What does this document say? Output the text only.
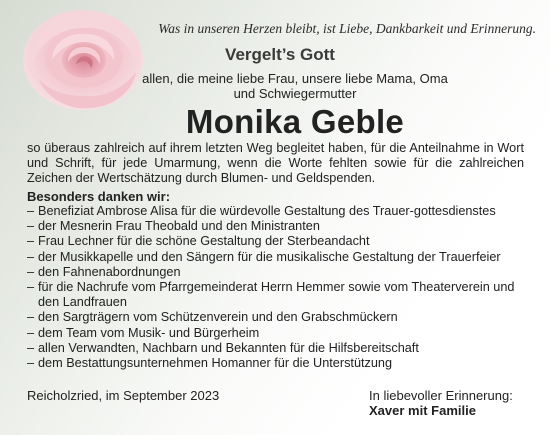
Was in unseren Herzen bleibt, ist Liebe, Dankbarkeit und Erinnerung.
Vergelt’s Gott
allen, die meine liebe Frau, unsere liebe Mama, Oma
und Schwiegermutter
Monika Geble
so überaus zahlreich auf ihrem letzten Weg begleitet haben, für die Anteilnahme in Wort und Schrift, für jede Umarmung, wenn die Worte fehlten sowie für die zahlreichen Zeichen der Wertschätzung durch Blumen- und Geldspenden.
Besonders danken wir:
– Benefiziat Ambrose Alisa für die würdevolle Gestaltung des Trauer-gottesdienstes
– der Mesnerin Frau Theobald und den Ministranten
– Frau Lechner für die schöne Gestaltung der Sterbeandacht
– der Musikkapelle und den Sängern für die musikalische Gestaltung der Trauerfeier
– den Fahnenabordnungen
– für die Nachrufe vom Pfarrgemeinderat Herrn Hemmer sowie vom Theaterverein und den Landfrauen
– den Sargträgern vom Schützenverein und den Grabschmückern
– dem Team vom Musik- und Bürgerheim
– allen Verwandten, Nachbarn und Bekannten für die Hilfsbereitschaft
– dem Bestattungsunternehmen Homanner für die Unterstützung
Reicholzried, im September 2023	In liebevoller Erinnerung:
Xaver mit Familie
